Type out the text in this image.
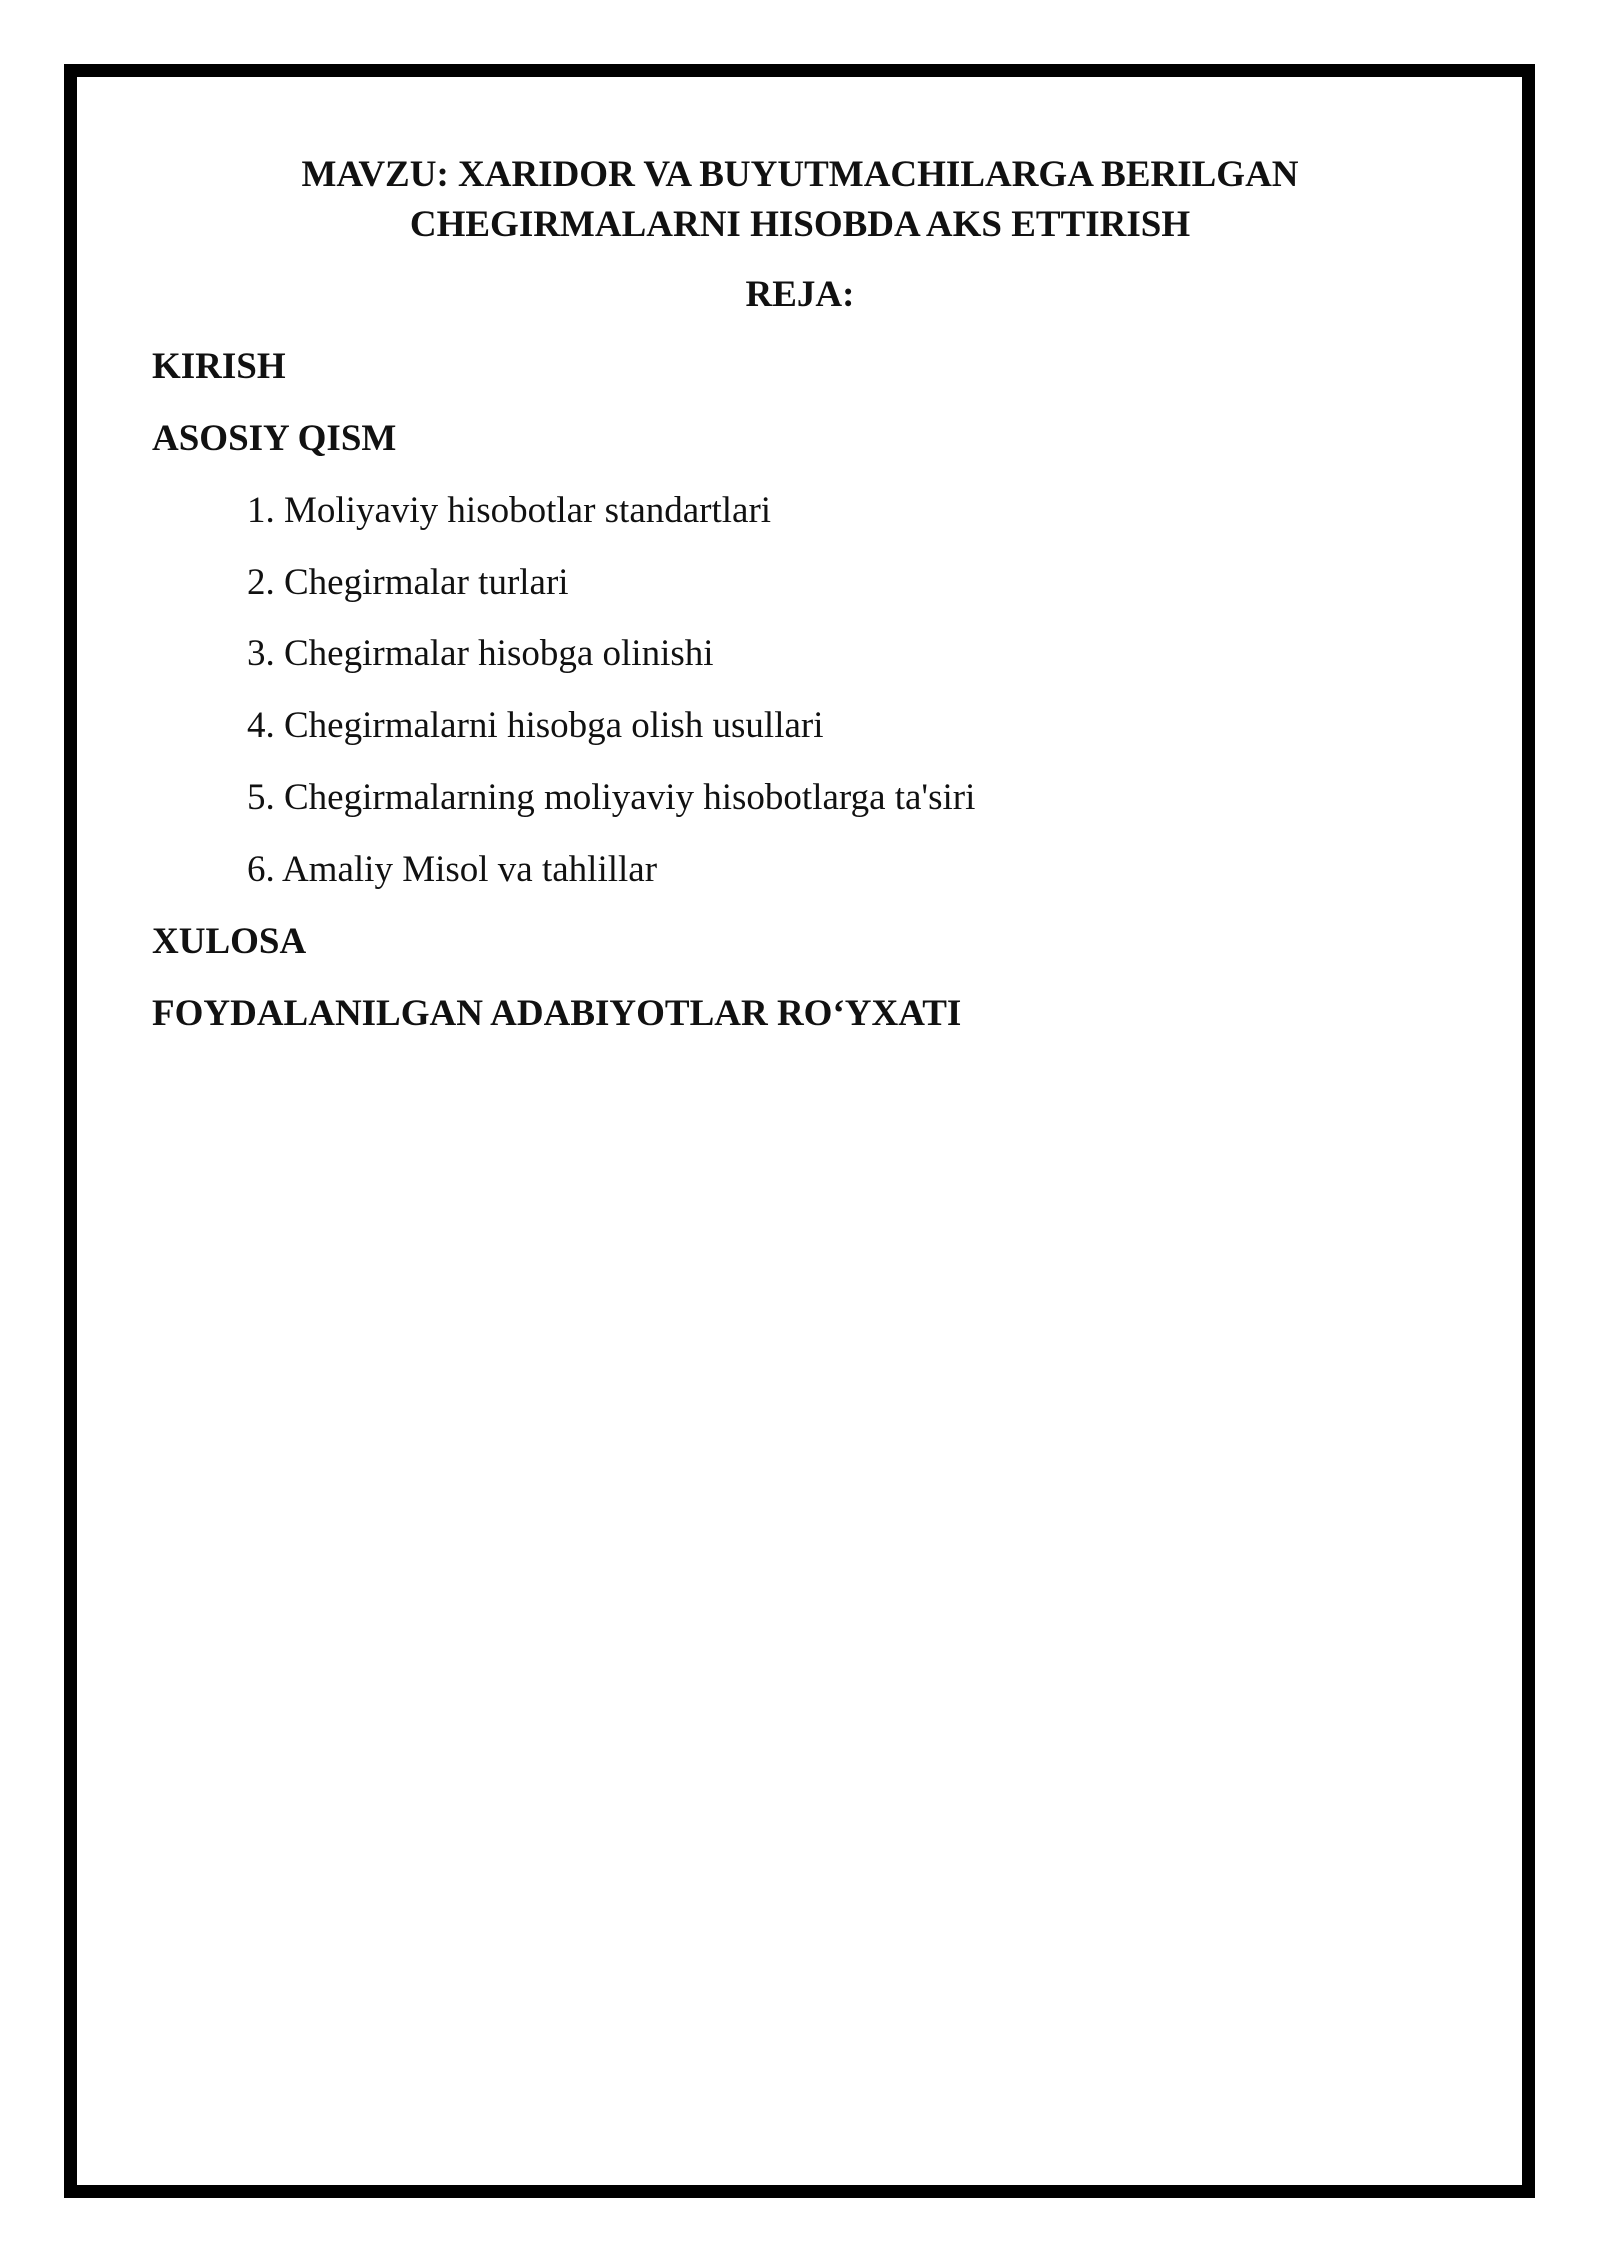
MAVZU: XARIDOR VA BUYUTMACHILARGA BERILGAN
CHEGIRMALARNI HISOBDA AKS ETTIRISH
REJA:
KIRISH
ASOSIY QISM
1. Moliyaviy hisobotlar standartlari
2. Chegirmalar turlari
3. Chegirmalar hisobga olinishi
4. Chegirmalarni hisobga olish usullari
5. Chegirmalarning moliyaviy hisobotlarga ta'siri
6. Amaliy Misol va tahlillar
XULOSA
FOYDALANILGAN ADABIYOTLAR RO‘YXATI
